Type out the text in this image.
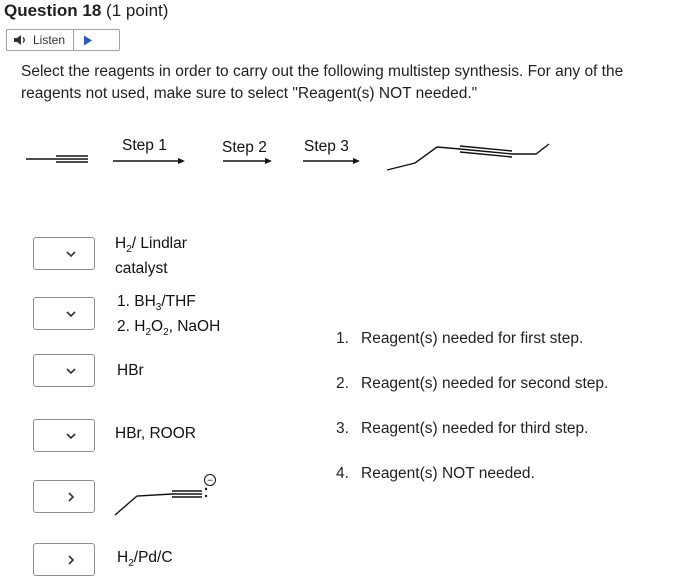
Question 18 (1 point)
Listen
Select the reagents in order to carry out the following multistep synthesis. For any of the reagents not used, make sure to select "Reagent(s) NOT needed."
Step 1	Step 2 Step 3
$H_2/$ Lindlar
catalyst
1. $BH_3$/THF
2. $H_2O_2$, NaOH
HBr
HBr, ROOR
−
$H_2/Pd/C$
1. Reagent(s) needed for first step.
2. Reagent(s) needed for second step.
3. Reagent(s) needed for third step.
4. Reagent(s) NOT needed.
